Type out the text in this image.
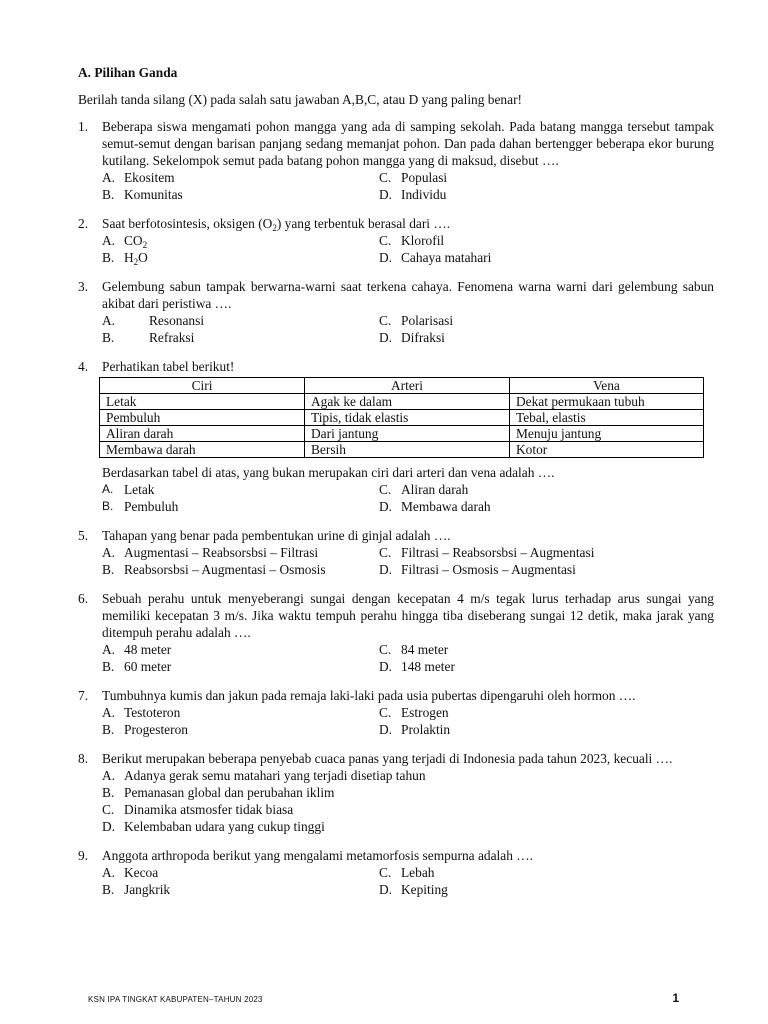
A. Pilihan Ganda
Berilah tanda silang (X) pada salah satu jawaban A,B,C, atau D yang paling benar!
1.	Beberapa siswa mengamati pohon mangga yang ada di samping sekolah. Pada batang mangga tersebut tampak semut-semut dengan barisan panjang sedang memanjat pohon. Dan pada dahan bertengger beberapa ekor burung kutilang. Sekelompok semut pada batang pohon mangga yang di maksud, disebut ….
A. Ekositem	C. Populasi
B. Komunitas	D. Individu
2.	Saat berfotosintesis, oksigen $(O_2)$ yang terbentuk berasal dari ….
A. $CO_2$	C. Klorofil
B. $H_2O$	D. Cahaya matahari
3.	Gelembung sabun tampak berwarna-warni saat terkena cahaya. Fenomena warna warni dari gelembung sabun akibat dari peristiwa ….
A.	Resonansi	C. Polarisasi
B.	Refraksi	D. Difraksi
4.	Perhatikan tabel berikut!
Ciri	Arteri	Vena
Letak	Agak ke dalam	Dekat permukaan tubuh
Pembuluh	Tipis, tidak elastis	Tebal, elastis
Aliran darah	Dari jantung	Menuju jantung
Membawa darah	Bersih	Kotor
Berdasarkan tabel di atas, yang bukan merupakan ciri dari arteri dan vena adalah ….
A. Letak	C. Aliran darah
B. Pembuluh	D. Membawa darah
5.	Tahapan yang benar pada pembentukan urine di ginjal adalah ….
A. Augmentasi – Reabsorsbsi – Filtrasi	C. Filtrasi – Reabsorsbsi – Augmentasi
B. Reabsorsbsi – Augmentasi – Osmosis	D. Filtrasi – Osmosis – Augmentasi
6.	Sebuah perahu untuk menyeberangi sungai dengan kecepatan 4 m/s tegak lurus terhadap arus sungai yang memiliki kecepatan 3 m/s. Jika waktu tempuh perahu hingga tiba diseberang sungai 12 detik, maka jarak yang ditempuh perahu adalah ….
A. 48 meter	C. 84 meter
B. 60 meter	D. 148 meter
7.	Tumbuhnya kumis dan jakun pada remaja laki-laki pada usia pubertas dipengaruhi oleh hormon ….
A. Testoteron	C. Estrogen
B. Progesteron	D. Prolaktin
8.	Berikut merupakan beberapa penyebab cuaca panas yang terjadi di Indonesia pada tahun 2023, kecuali ….
A. Adanya gerak semu matahari yang terjadi disetiap tahun
B. Pemanasan global dan perubahan iklim
C. Dinamika atsmosfer tidak biasa
D. Kelembaban udara yang cukup tinggi
9.	Anggota arthropoda berikut yang mengalami metamorfosis sempurna adalah ….
A. Kecoa	C. Lebah
B. Jangkrik	D. Kepiting
KSN IPA TINGKAT KABUPATEN–TAHUN 2023	1
